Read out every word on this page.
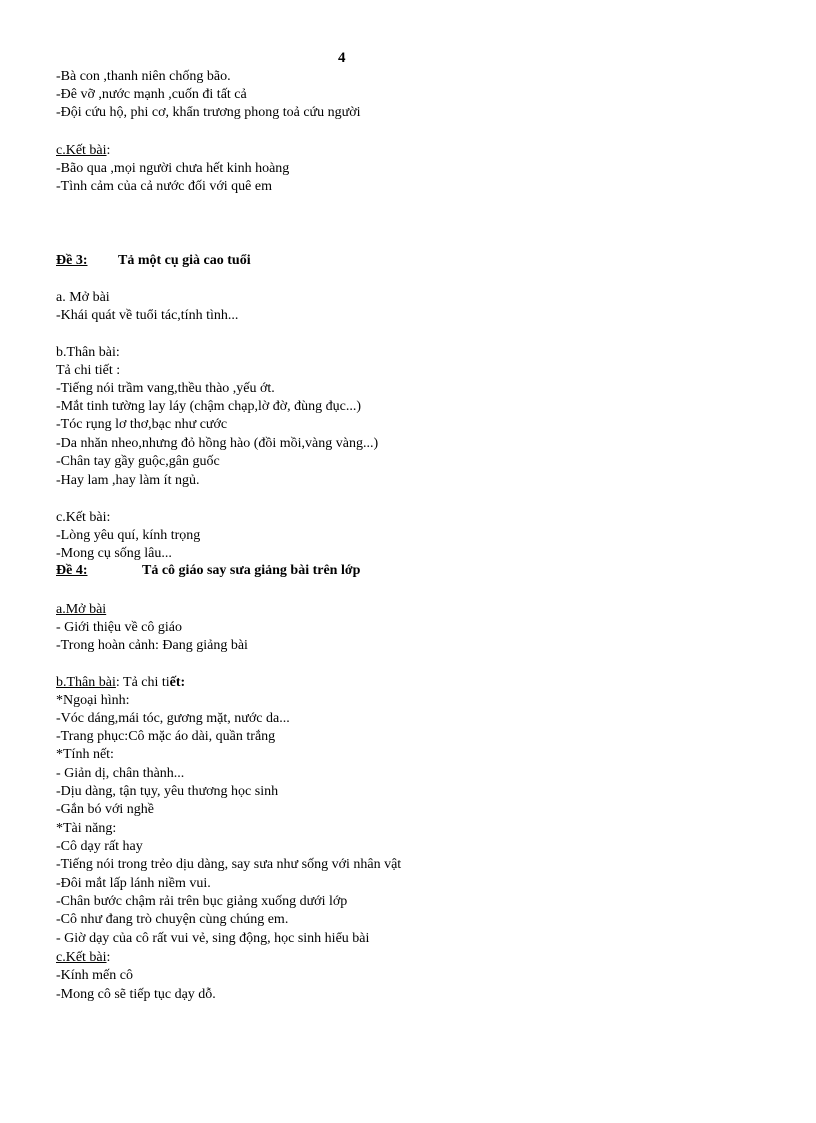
4
-Bà con ,thanh niên chống bão.
-Đê vỡ ,nước mạnh ,cuốn đi tất cả
-Đội cứu hộ, phi cơ, khẩn trương phong toả cứu người
c.Kết bài:
-Bão qua ,mọi người chưa hết kinh hoàng
-Tình cảm của cả nước đối với quê em
Đề 3: Tả một cụ già cao tuổi
a. Mở bài
-Khái quát về tuổi tác,tính tình...
b.Thân bài:
Tả chi tiết :
-Tiếng nói trầm vang,thều thào ,yếu ớt.
-Mắt tinh tường lay láy (chậm chạp,lờ đờ, đùng đục...)
-Tóc rụng lơ thơ,bạc như cước
-Da nhăn nheo,nhưng đỏ hồng hào (đồi mồi,vàng vàng...)
-Chân tay gầy guộc,gân guốc
-Hay lam ,hay làm ít ngủ.
c.Kết bài:
-Lòng yêu quí, kính trọng
-Mong cụ sống lâu...
Đề 4:	Tả cô giáo say sưa giảng bài trên lớp
a.Mở bài
- Giới thiệu về cô giáo
-Trong hoàn cảnh: Đang giảng bài
b.Thân bài: Tả chi tiết:
*Ngoại hình:
-Vóc dáng,mái tóc, gương mặt, nước da...
-Trang phục:Cô mặc áo dài, quần trắng
*Tính nết:
- Giản dị, chân thành...
-Dịu dàng, tận tụy, yêu thương học sinh
-Gắn bó với nghề
*Tài năng:
-Cô dạy rất hay
-Tiếng nói trong trẻo dịu dàng, say sưa như sống với nhân vật
-Đôi mắt lấp lánh niềm vui.
-Chân bước chậm rải trên bục giảng xuống dưới lớp
-Cô như đang trò chuyện cùng chúng em.
- Giờ dạy của cô rất vui vẻ, sing động, học sinh hiểu bài
c.Kết bài:
-Kính mến cô
-Mong cô sẽ tiếp tục dạy dỗ.
